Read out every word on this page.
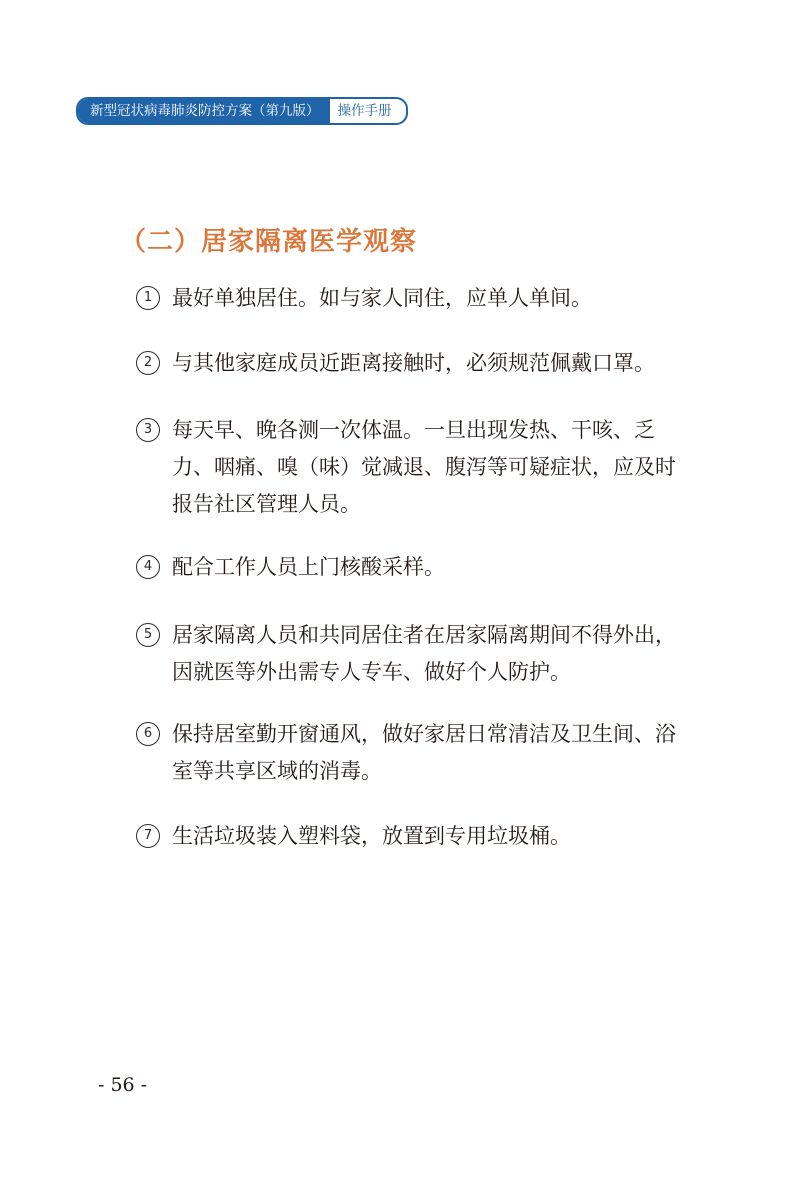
新型冠状病毒肺炎防控方案（第九版）	操作手册
（二）居家隔离医学观察
1 最好单独居住。如与家人同住，应单人单间。

2 与其他家庭成员近距离接触时，必须规范佩戴口罩。

3 每天早、晚各测一次体温。一旦出现发热、干咳、乏力、咽痛、嗅（味）觉减退、腹泻等可疑症状，应及时报告社区管理人员。

4 配合工作人员上门核酸采样。

5 居家隔离人员和共同居住者在居家隔离期间不得外出，因就医等外出需专人专车、做好个人防护。

6 保持居室勤开窗通风，做好家居日常清洁及卫生间、浴室等共享区域的消毒。

7 生活垃圾装入塑料袋，放置到专用垃圾桶。

- 56 -
